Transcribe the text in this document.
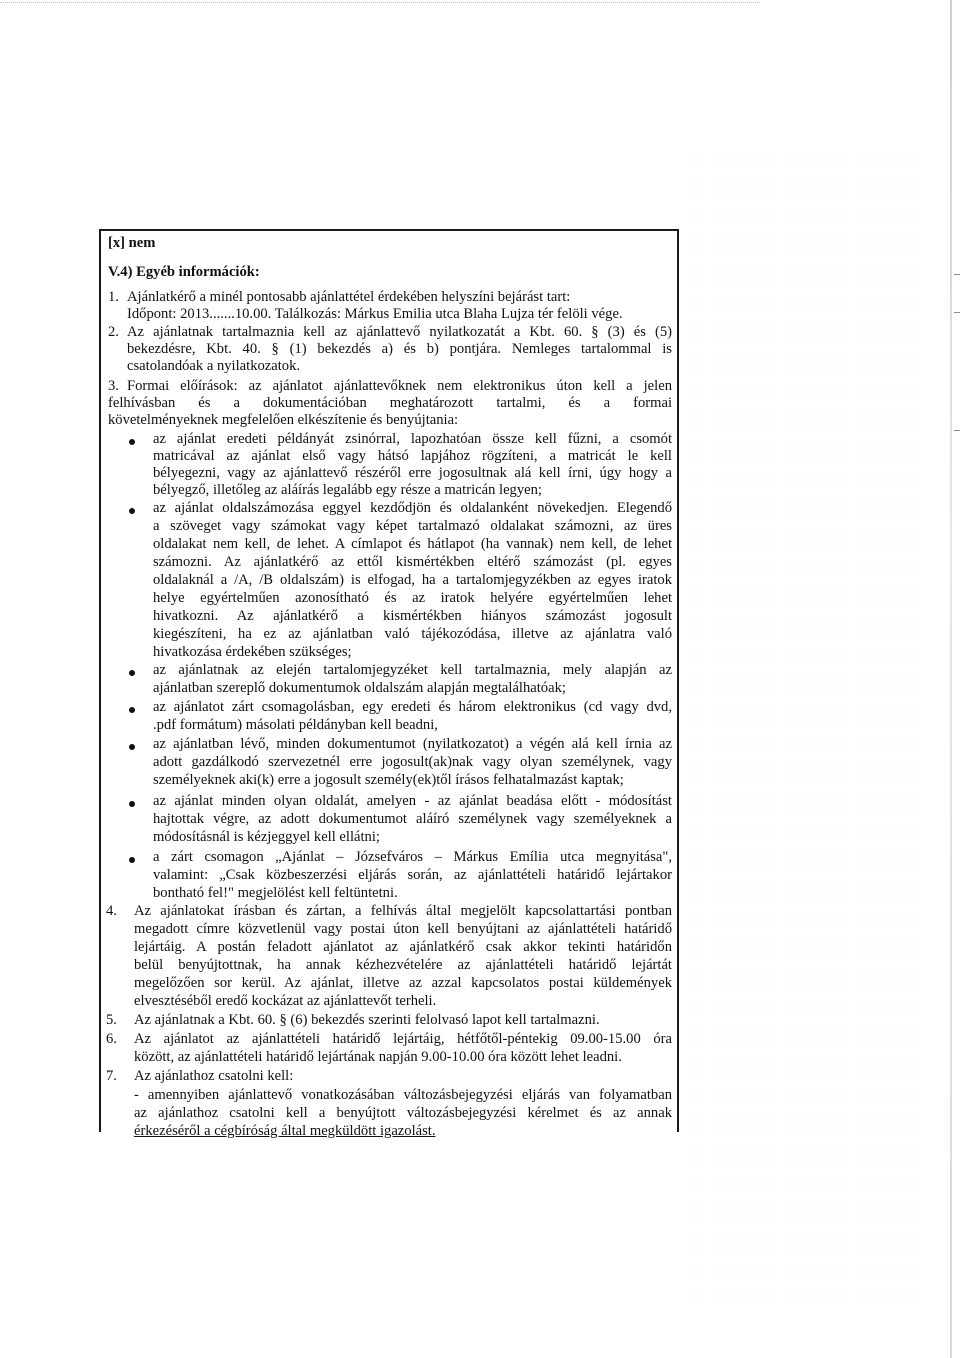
[x] nem
V.4) Egyéb információk:
1. Ajánlatkérő a minél pontosabb ajánlattétel érdekében helyszíni bejárást tart:
Időpont: 2013.......10.00. Találkozás: Márkus Emilia utca Blaha Lujza tér felöli vége.
2. Az ajánlatnak tartalmaznia kell az ajánlattevő nyilatkozatát a Kbt. 60. § (3) és (5)
bekezdésre, Kbt. 40. § (1) bekezdés a) és b) pontjára. Nemleges tartalommal is
csatolandóak a nyilatkozatok.
3. Formai előírások: az ajánlatot ajánlattevőknek nem elektronikus úton kell a jelen
felhívásban és a dokumentációban meghatározott tartalmi, és a formai
követelményeknek megfelelően elkészítenie és benyújtania:
az ajánlat eredeti példányát zsinórral, lapozhatóan össze kell fűzni, a csomót
matricával az ajánlat első vagy hátsó lapjához rögzíteni, a matricát le kell
bélyegezni, vagy az ajánlattevő részéről erre jogosultnak alá kell írni, úgy hogy a
bélyegző, illetőleg az aláírás legalább egy része a matricán legyen;
az ajánlat oldalszámozása eggyel kezdődjön és oldalanként növekedjen. Elegendő
a szöveget vagy számokat vagy képet tartalmazó oldalakat számozni, az üres
oldalakat nem kell, de lehet. A címlapot és hátlapot (ha vannak) nem kell, de lehet
számozni. Az ajánlatkérő az ettől kismértékben eltérő számozást (pl. egyes
oldalaknál a /A, /B oldalszám) is elfogad, ha a tartalomjegyzékben az egyes iratok
helye egyértelműen azonosítható és az iratok helyére egyértelműen lehet
hivatkozni. Az ajánlatkérő a kismértékben hiányos számozást jogosult
kiegészíteni, ha ez az ajánlatban való tájékozódása, illetve az ajánlatra való
hivatkozása érdekében szükséges;
az ajánlatnak az elején tartalomjegyzéket kell tartalmaznia, mely alapján az
ajánlatban szereplő dokumentumok oldalszám alapján megtalálhatóak;
az ajánlatot zárt csomagolásban, egy eredeti és három elektronikus (cd vagy dvd,
.pdf formátum) másolati példányban kell beadni,
az ajánlatban lévő, minden dokumentumot (nyilatkozatot) a végén alá kell írnia az
adott gazdálkodó szervezetnél erre jogosult(ak)nak vagy olyan személynek, vagy
személyeknek aki(k) erre a jogosult személy(ek)től írásos felhatalmazást kaptak;
az ajánlat minden olyan oldalát, amelyen - az ajánlat beadása előtt - módosítást
hajtottak végre, az adott dokumentumot aláíró személynek vagy személyeknek a
módosításnál is kézjeggyel kell ellátni;
a zárt csomagon „Ajánlat – Józsefváros – Márkus Emília utca megnyitása",
valamint: „Csak közbeszerzési eljárás során, az ajánlattételi határidő lejártakor
bontható fel!" megjelölést kell feltüntetni.
4. Az ajánlatokat írásban és zártan, a felhívás által megjelölt kapcsolattartási pontban
megadott címre közvetlenül vagy postai úton kell benyújtani az ajánlattételi határidő
lejártáig. A postán feladott ajánlatot az ajánlatkérő csak akkor tekinti határidőn
belül benyújtottnak, ha annak kézhezvételére az ajánlattételi határidő lejártát
megelőzően sor kerül. Az ajánlat, illetve az azzal kapcsolatos postai küldemények
elvesztéséből eredő kockázat az ajánlattevőt terheli.
5. Az ajánlatnak a Kbt. 60. § (6) bekezdés szerinti felolvasó lapot kell tartalmazni.
6. Az ajánlatot az ajánlattételi határidő lejártáig, hétfőtől-péntekig 09.00-15.00 óra
között, az ajánlattételi határidő lejártának napján 9.00-10.00 óra között lehet leadni.
7. Az ajánlathoz csatolni kell:
- amennyiben ajánlattevő vonatkozásában változásbejegyzési eljárás van folyamatban
az ajánlathoz csatolni kell a benyújtott változásbejegyzési kérelmet és az annak
érkezéséről a cégbíróság által megküldött igazolást.
